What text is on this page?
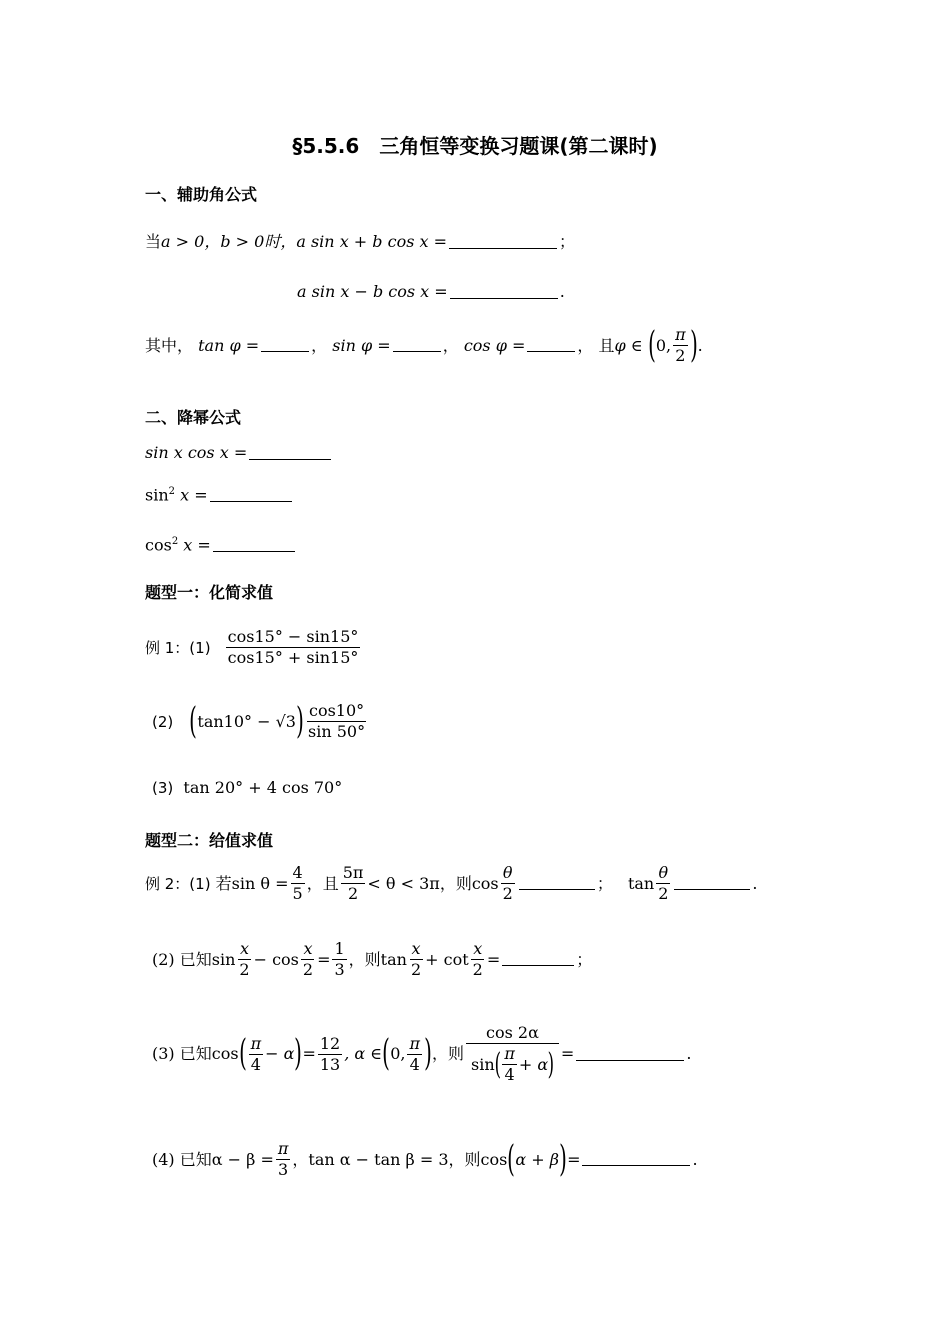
§5.5.6　三角恒等变换习题课(第二课时)
一、辅助角公式
当a > 0，b > 0时，a sin x + b cos x =	；
a sin x − b cos x =	.
其中， tan φ =	， sin φ =	， cos φ =	， 且φ ∈ (0, $\frac{\pi}{2}$ ).
二、降幂公式
sin x cos x =
$\sin^2 x$ =
$\cos^2 x$ =
题型一：化简求值
例 1：$(1) \frac{\cos 15^\circ - \sin 15^\circ}{\cos 15^\circ + \sin 15^\circ}$
(2) $(\tan 10^\circ - √3) \frac{\cos 10^\circ}{\sin 50^\circ}$
(3) tan 20° + 4 cos 70°
题型二：给值求值
例 2：(1) 若$\sin \theta = \frac{4}{5}$ ，且 $\frac{5\pi}{2} < \theta < 3\pi$，则$\cos \frac{\theta}{2}$	； $\tan \frac{\theta}{2}$	.
(2) 已知$\sin \frac{x}{2} - \cos \frac{x}{2} = \frac{1}{3}$ ，则$\tan \frac{x}{2} + \cot \frac{x}{2}$ =	；
(3) 已知$\cos( \frac{\pi}{4} - \alpha)= \frac{12}{13}$ , α ∈(0, $\frac{\pi}{4}$ )，则 $\frac{\cos 2\alpha}{\sin( \frac{\pi}{4} + \alpha)}$ =	.
(4) 已知$\alpha - \beta = \frac{\pi}{3}$ ，tan α − tan β = 3，则cos(α + β)=	.
